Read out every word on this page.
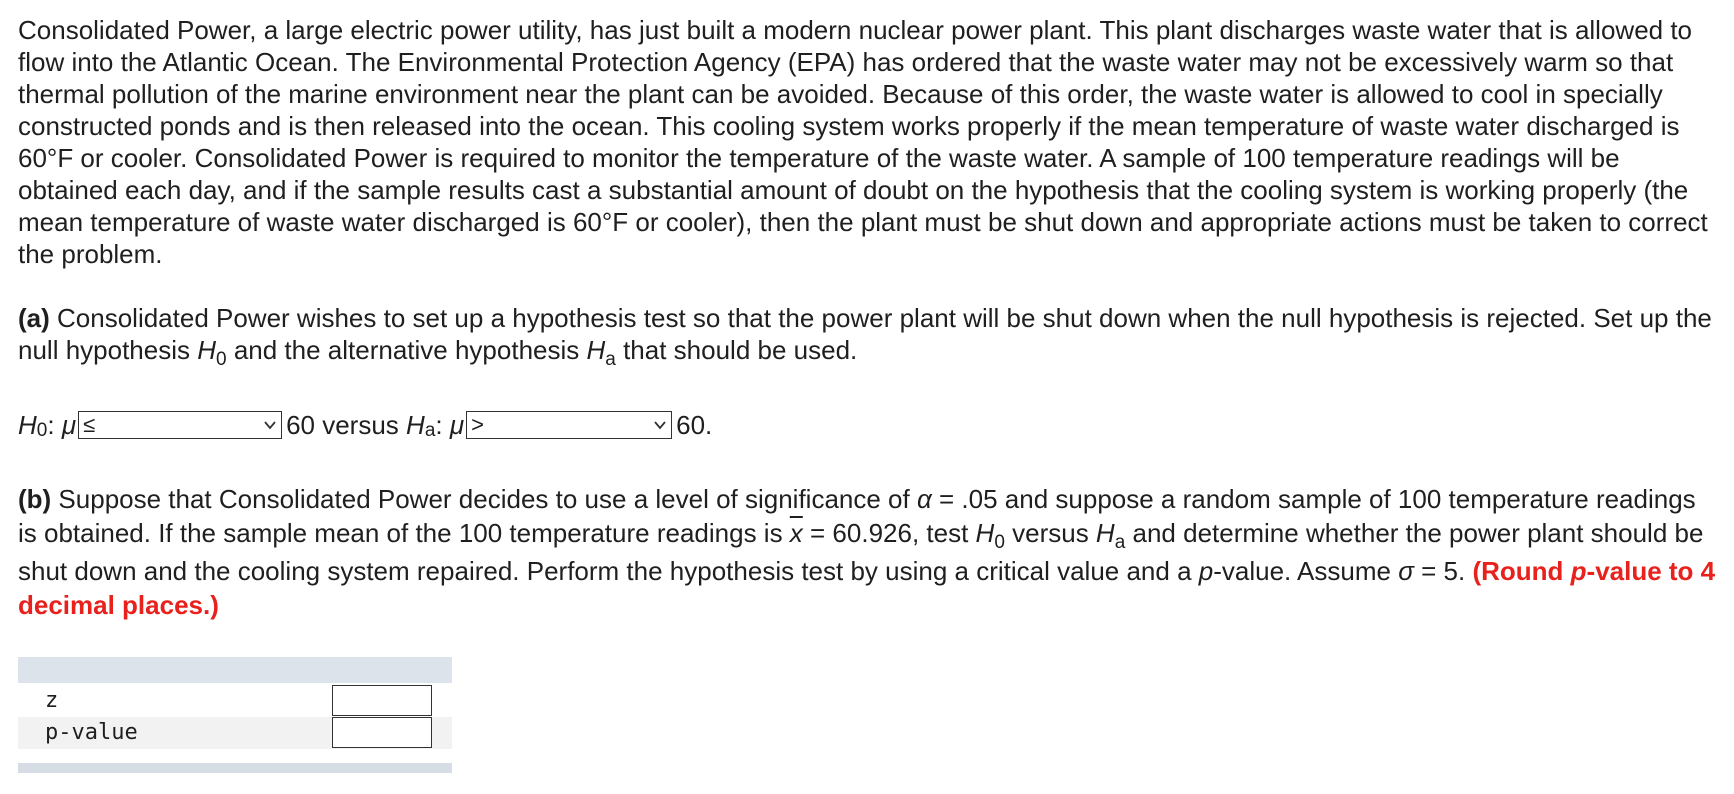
Consolidated Power, a large electric power utility, has just built a modern nuclear power plant. This plant discharges waste water that is allowed to flow into the Atlantic Ocean. The Environmental Protection Agency (EPA) has ordered that the waste water may not be excessively warm so that thermal pollution of the marine environment near the plant can be avoided. Because of this order, the waste water is allowed to cool in specially constructed ponds and is then released into the ocean. This cooling system works properly if the mean temperature of waste water discharged is 60°F or cooler. Consolidated Power is required to monitor the temperature of the waste water. A sample of 100 temperature readings will be obtained each day, and if the sample results cast a substantial amount of doubt on the hypothesis that the cooling system is working properly (the mean temperature of waste water discharged is 60°F or cooler), then the plant must be shut down and appropriate actions must be taken to correct the problem.
(a) Consolidated Power wishes to set up a hypothesis test so that the power plant will be shut down when the null hypothesis is rejected. Set up the null hypothesis $H_0$ and the alternative hypothesis $H_a$ that should be used.
H 0 :
μ ≤	60 versus
H a :
μ >	60.
(b) Suppose that Consolidated Power decides to use a level of significance of α = .05 and suppose a random sample of 100 temperature readings is obtained. If the sample mean of the 100 temperature readings is $\overline{x} = 60.926$, test $H_0$ versus $H_a$ and determine whether the power plant should be shut down and the cooling system repaired. Perform the hypothesis test by using a critical value and a p-value. Assume σ = 5. (Round p-value to 4 decimal places.)
z
p-value
